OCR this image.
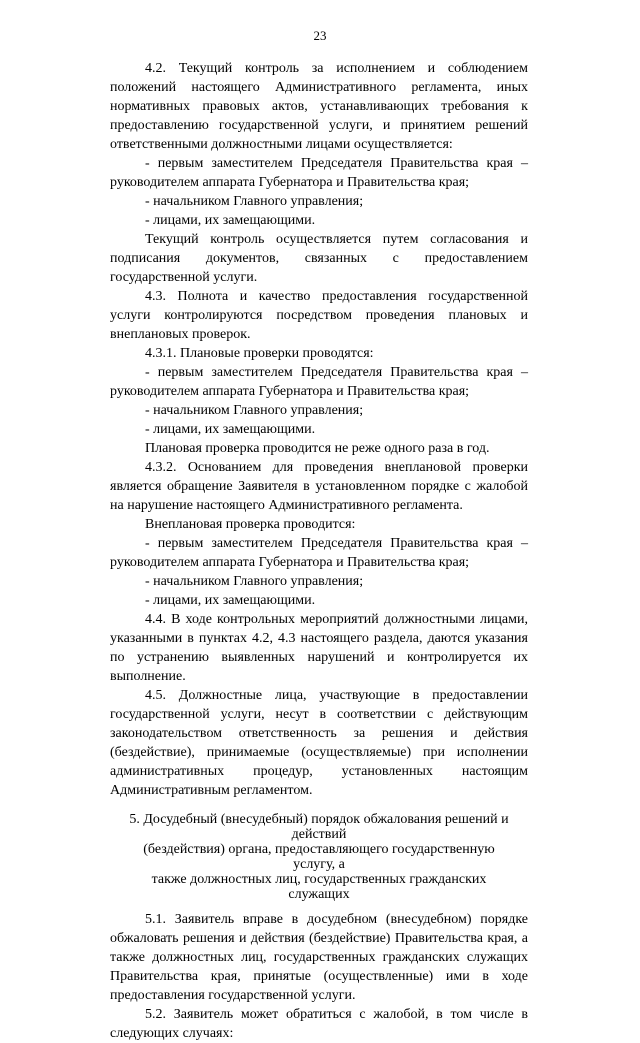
23

4.2. Текущий контроль за исполнением и соблюдением положений настоящего Административного регламента, иных нормативных правовых актов, устанавливающих требования к предоставлению государственной услуги, и принятием решений ответственными должностными лицами осуществляется:

- первым заместителем Председателя Правительства края – руководителем аппарата Губернатора и Правительства края;

- начальником Главного управления;

- лицами, их замещающими.

Текущий контроль осуществляется путем согласования и подписания документов, связанных с предоставлением государственной услуги.

4.3. Полнота и качество предоставления государственной услуги контролируются посредством проведения плановых и внеплановых проверок.

4.3.1. Плановые проверки проводятся:

- первым заместителем Председателя Правительства края – руководителем аппарата Губернатора и Правительства края;

- начальником Главного управления;

- лицами, их замещающими.

Плановая проверка проводится не реже одного раза в год.

4.3.2. Основанием для проведения внеплановой проверки является обращение Заявителя в установленном порядке с жалобой на нарушение настоящего Административного регламента.

Внеплановая проверка проводится:

- первым заместителем Председателя Правительства края – руководителем аппарата Губернатора и Правительства края;

- начальником Главного управления;

- лицами, их замещающими.

4.4. В ходе контрольных мероприятий должностными лицами, указанными в пунктах 4.2, 4.3 настоящего раздела, даются указания по устранению выявленных нарушений и контролируется их выполнение.

4.5. Должностные лица, участвующие в предоставлении государственной услуги, несут в соответствии с действующим законодательством ответственность за решения и действия (бездействие), принимаемые (осуществляемые) при исполнении административных процедур, установленных настоящим Административным регламентом.

5. Досудебный (внесудебный) порядок обжалования решений и действий
(бездействия) органа, предоставляющего государственную услугу, а
также должностных лиц, государственных гражданских служащих

5.1. Заявитель вправе в досудебном (внесудебном) порядке обжаловать решения и действия (бездействие) Правительства края, а также должностных лиц, государственных гражданских служащих Правительства края, принятые (осуществленные) ими в ходе предоставления государственной услуги.

5.2. Заявитель может обратиться с жалобой, в том числе в следующих случаях:
